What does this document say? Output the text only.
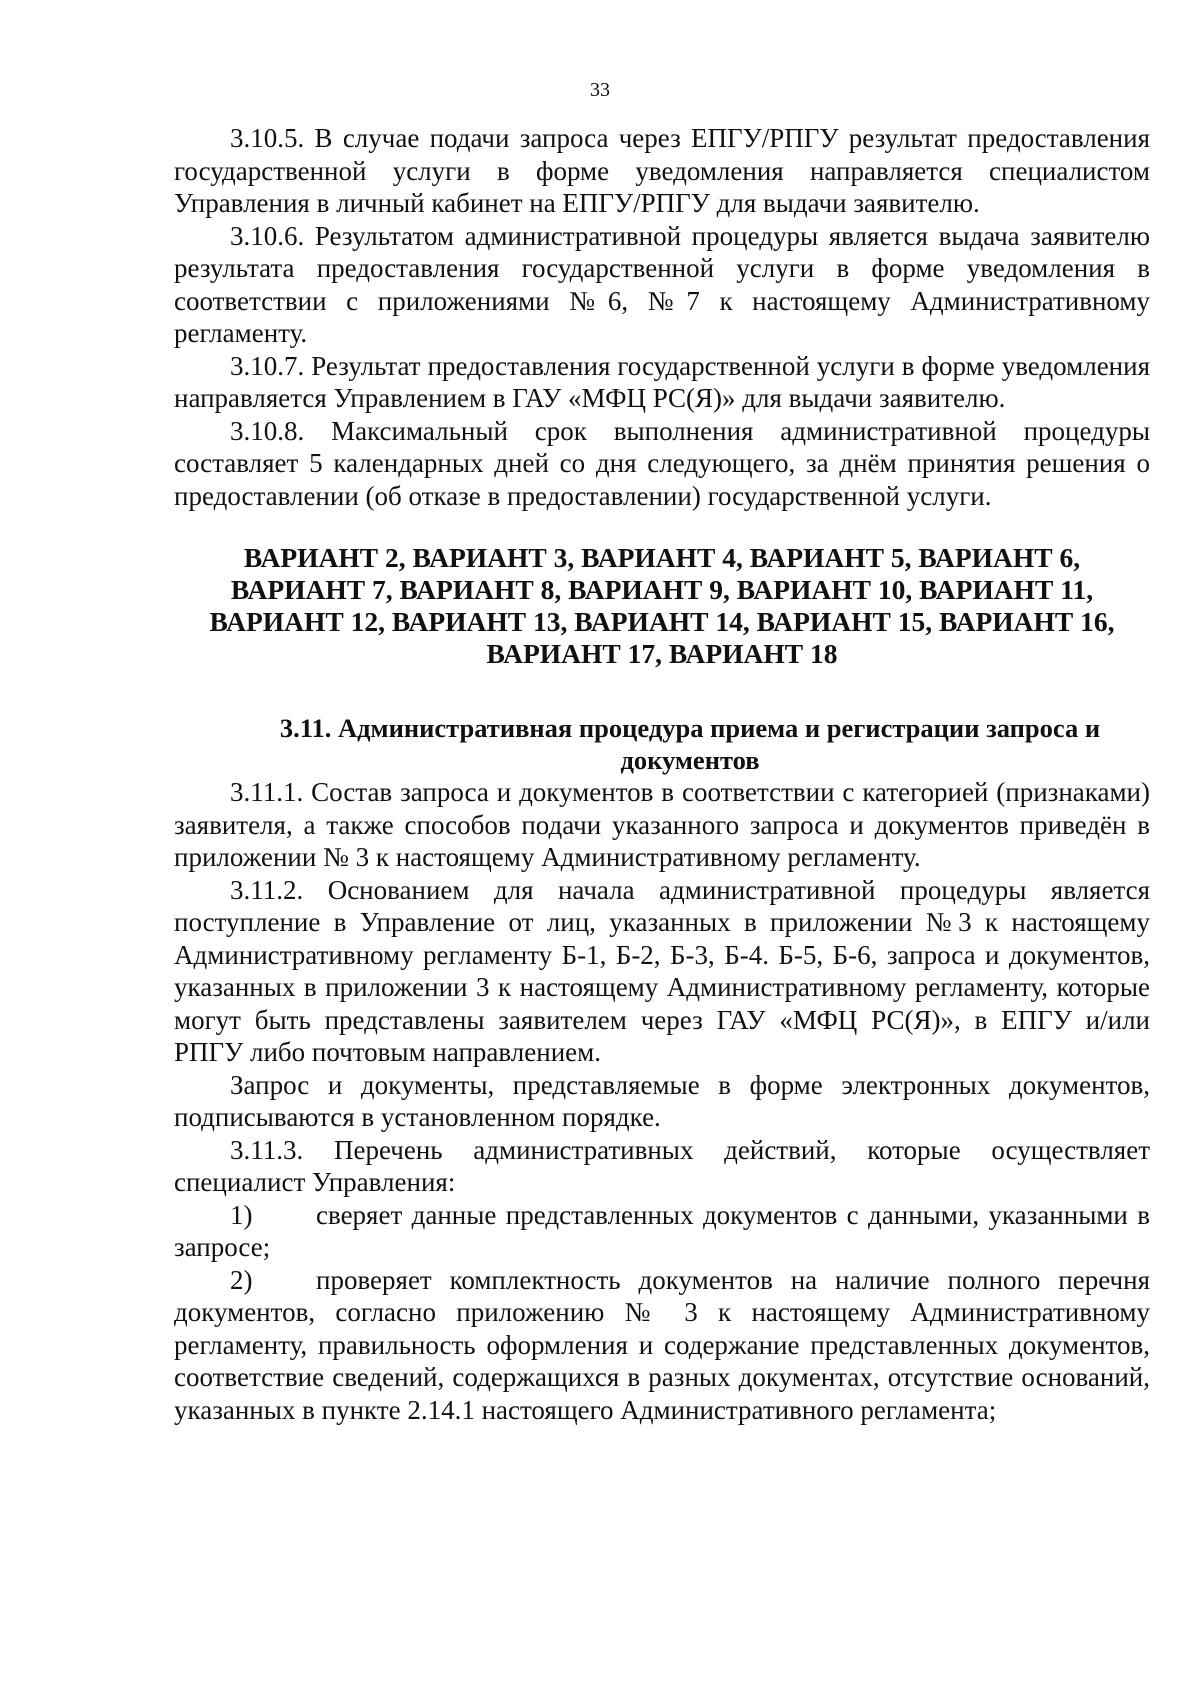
33

3.10.5. В случае подачи запроса через ЕПГУ/РПГУ результат предоставления государственной услуги в форме уведомления направляется специалистом Управления в личный кабинет на ЕПГУ/РПГУ для выдачи заявителю.

3.10.6. Результатом административной процедуры является выдача заявителю результата предоставления государственной услуги в форме уведомления в соответствии с приложениями №6, №7 к настоящему Административному регламенту.

3.10.7. Результат предоставления государственной услуги в форме уведомления направляется Управлением в ГАУ «МФЦ РС(Я)» для выдачи заявителю.

3.10.8. Максимальный срок выполнения административной процедуры составляет 5 календарных дней со дня следующего, за днём принятия решения о предоставлении (об отказе в предоставлении) государственной услуги.

ВАРИАНТ 2, ВАРИАНТ 3, ВАРИАНТ 4, ВАРИАНТ 5, ВАРИАНТ 6,
ВАРИАНТ 7, ВАРИАНТ 8, ВАРИАНТ 9, ВАРИАНТ 10, ВАРИАНТ 11,
ВАРИАНТ 12, ВАРИАНТ 13, ВАРИАНТ 14, ВАРИАНТ 15, ВАРИАНТ 16,
ВАРИАНТ 17, ВАРИАНТ 18
3.11. Административная процедура приема и регистрации запроса и документов

3.11.1. Состав запроса и документов в соответствии с категорией (признаками) заявителя, а также способов подачи указанного запроса и документов приведён в приложении № 3 к настоящему Административному регламенту.

3.11.2. Основанием для начала административной процедуры является поступление в Управление от лиц, указанных в приложении №3 к настоящему Административному регламенту Б-1, Б-2, Б-3, Б-4. Б-5, Б-6, запроса и документов, указанных в приложении 3 к настоящему Административному регламенту, которые могут быть представлены заявителем через ГАУ «МФЦ РС(Я)», в ЕПГУ и/или РПГУ либо почтовым направлением.

Запрос и документы, представляемые в форме электронных документов, подписываются в установленном порядке.

3.11.3. Перечень административных действий, которые осуществляет специалист Управления:

1) сверяет данные представленных документов с данными, указанными в запросе;

2) проверяет комплектность документов на наличие полного перечня документов, согласно приложению № 3 к настоящему Административному регламенту, правильность оформления и содержание представленных документов, соответствие сведений, содержащихся в разных документах, отсутствие оснований, указанных в пункте 2.14.1 настоящего Административного регламента;
